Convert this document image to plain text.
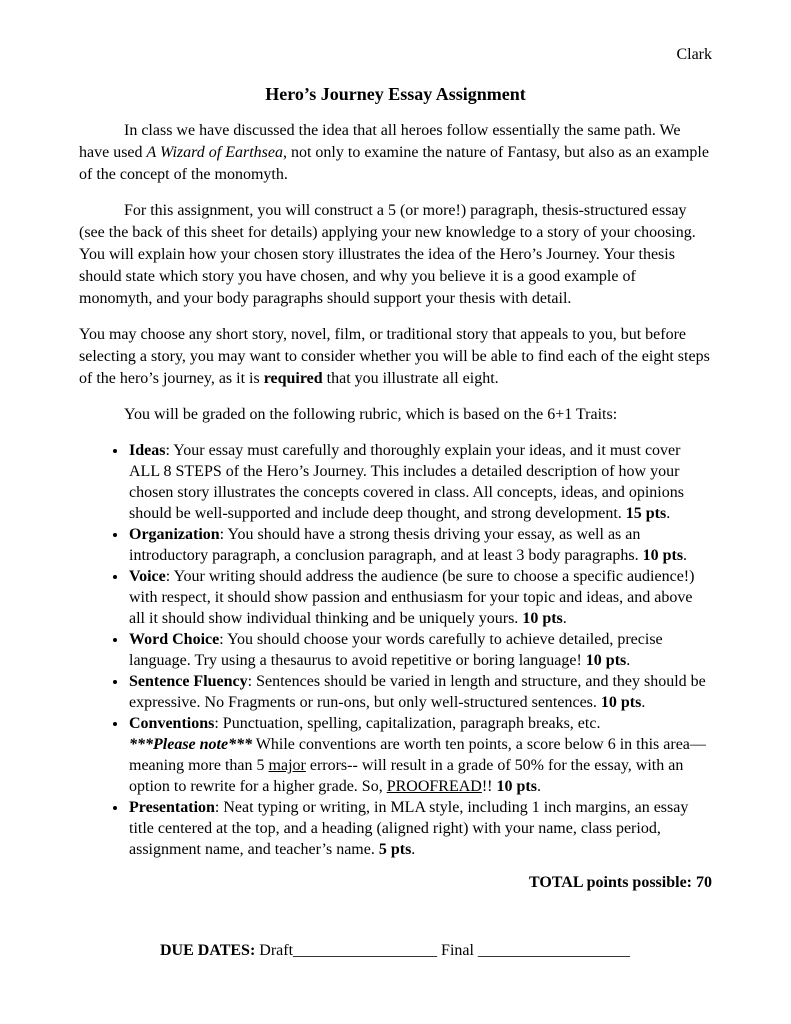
Clark
Hero’s Journey Essay Assignment

In class we have discussed the idea that all heroes follow essentially the same path. We have used A Wizard of Earthsea, not only to examine the nature of Fantasy, but also as an example of the concept of the monomyth.

For this assignment, you will construct a 5 (or more!) paragraph, thesis-structured essay (see the back of this sheet for details) applying your new knowledge to a story of your choosing. You will explain how your chosen story illustrates the idea of the Hero’s Journey. Your thesis should state which story you have chosen, and why you believe it is a good example of monomyth, and your body paragraphs should support your thesis with detail.

You may choose any short story, novel, film, or traditional story that appeals to you, but before selecting a story, you may want to consider whether you will be able to find each of the eight steps of the hero’s journey, as it is required that you illustrate all eight.

You will be graded on the following rubric, which is based on the 6+1 Traits:

• Ideas: Your essay must carefully and thoroughly explain your ideas, and it must cover ALL 8 STEPS of the Hero’s Journey. This includes a detailed description of how your chosen story illustrates the concepts covered in class. All concepts, ideas, and opinions should be well-supported and include deep thought, and strong development. 15 pts.
• Organization: You should have a strong thesis driving your essay, as well as an introductory paragraph, a conclusion paragraph, and at least 3 body paragraphs. 10 pts.
• Voice: Your writing should address the audience (be sure to choose a specific audience!) with respect, it should show passion and enthusiasm for your topic and ideas, and above all it should show individual thinking and be uniquely yours. 10 pts.
• Word Choice: You should choose your words carefully to achieve detailed, precise language. Try using a thesaurus to avoid repetitive or boring language! 10 pts.
• Sentence Fluency: Sentences should be varied in length and structure, and they should be expressive. No Fragments or run-ons, but only well-structured sentences. 10 pts.
• Conventions: Punctuation, spelling, capitalization, paragraph breaks, etc.
***Please note*** While conventions are worth ten points, a score below 6 in this area—meaning more than 5 major errors-- will result in a grade of 50% for the essay, with an option to rewrite for a higher grade. So, PROOFREAD!! 10 pts.
• Presentation: Neat typing or writing, in MLA style, including 1 inch margins, an essay title centered at the top, and a heading (aligned right) with your name, class period, assignment name, and teacher’s name. 5 pts.
TOTAL points possible: 70
DUE DATES: Draft__________________ Final ___________________
